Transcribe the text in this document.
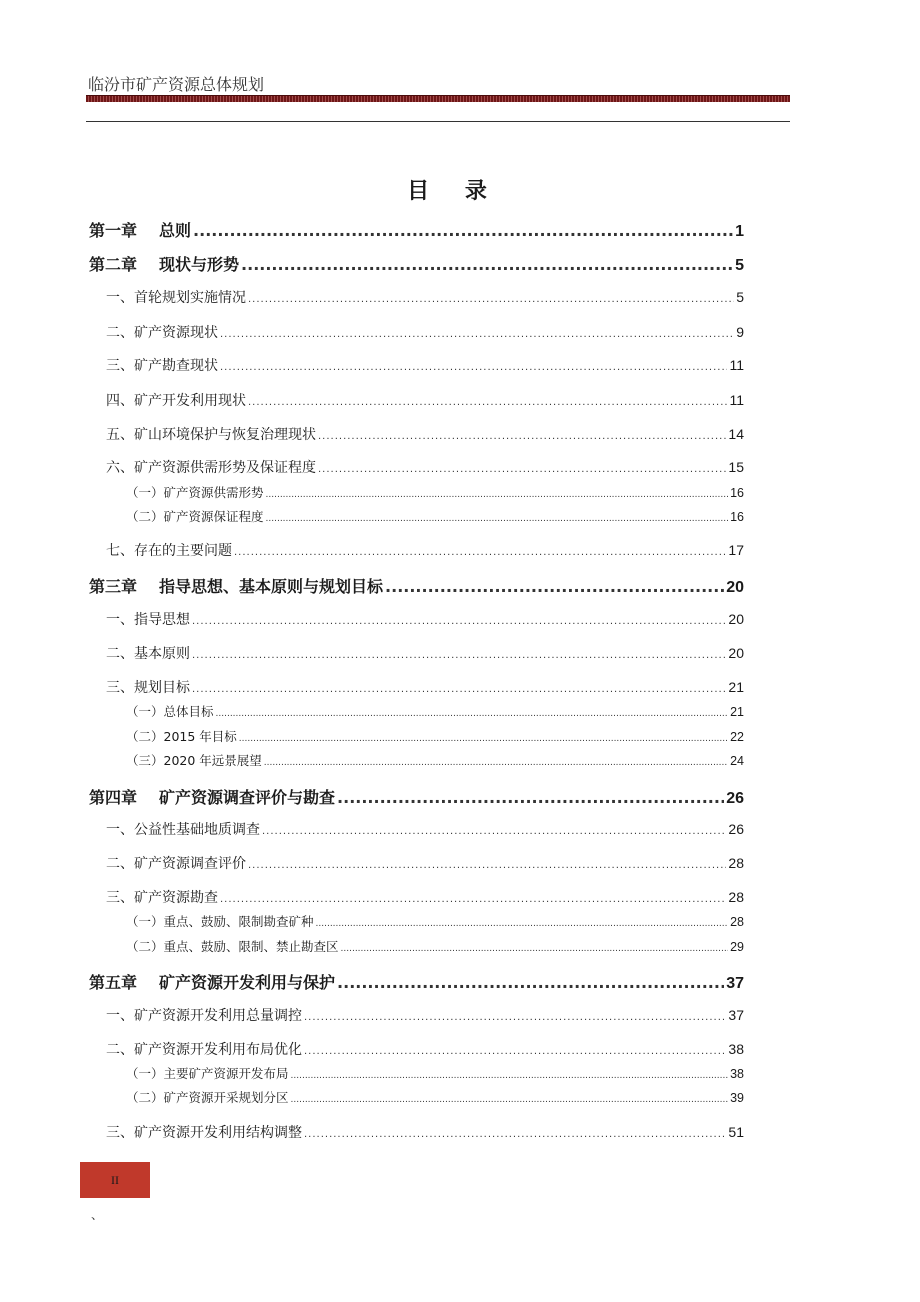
临汾市矿产资源总体规划
目 录
第一章 总则 .....	1
第二章 现状与形势 .....	5
一、首轮规划实施情况 .....	5
二、矿产资源现状 .....	9
三、矿产勘查现状 .....	11
四、矿产开发利用现状 .....	11
五、矿山环境保护与恢复治理现状 .....	14
六、矿产资源供需形势及保证程度 .....	15
（一）矿产资源供需形势 .....	16
（二）矿产资源保证程度 .....	16
七、存在的主要问题 .....	17
第三章 指导思想、基本原则与规划目标 .....	20
一、指导思想 .....	20
二、基本原则 .....	20
三、规划目标 .....	21
（一）总体目标 .....	21
（二）2015 年目标 .....	22
（三）2020 年远景展望 .....	24
第四章 矿产资源调查评价与勘查 .....	26
一、公益性基础地质调查 .....	26
二、矿产资源调查评价 .....	28
三、矿产资源勘查 .....	28
（一）重点、鼓励、限制勘查矿种 .....	28
（二）重点、鼓励、限制、禁止勘查区 .....	29
第五章 矿产资源开发利用与保护 .....	37
一、矿产资源开发利用总量调控 .....	37
二、矿产资源开发利用布局优化 .....	38
（一）主要矿产资源开发布局 .....	38
（二）矿产资源开采规划分区 .....	39
三、矿产资源开发利用结构调整 .....	51
II
、
